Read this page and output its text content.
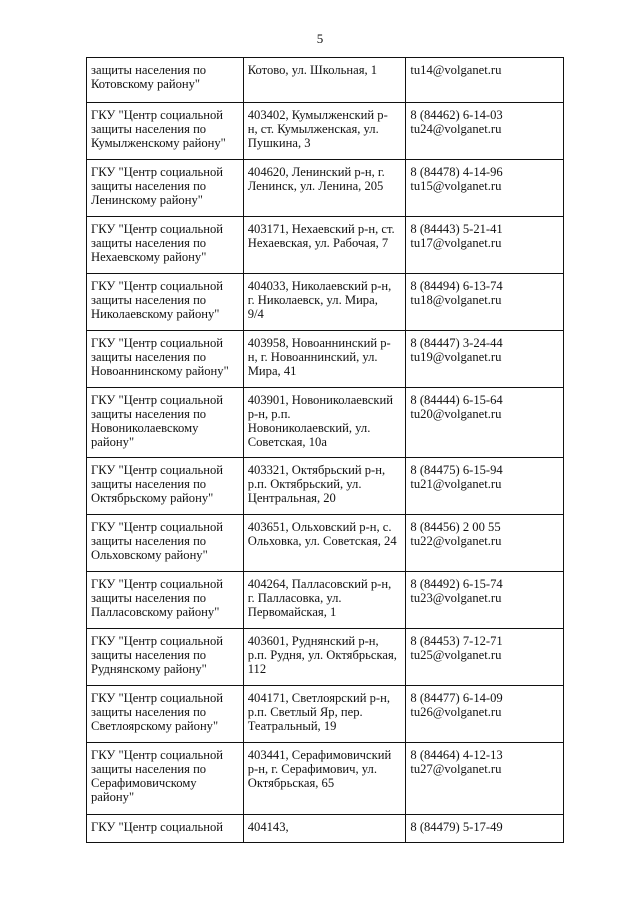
5
защиты населения по
Котовскому району"	Котово, ул. Школьная, 1	tu14@volganet.ru

ГКУ "Центр социальной
защиты населения по
Кумылженскому району"	403402, Кумылженский р-
н, ст. Кумылженская, ул.
Пушкина, 3	8 (84462) 6-14-03
tu24@volganet.ru

ГКУ "Центр социальной
защиты населения по
Ленинскому району"	404620, Ленинский р-н, г.
Ленинск, ул. Ленина, 205	8 (84478) 4-14-96
tu15@volganet.ru

ГКУ "Центр социальной
защиты населения по
Нехаевскому району"	403171, Нехаевский р-н, ст.
Нехаевская, ул. Рабочая, 7	8 (84443) 5-21-41
tu17@volganet.ru

ГКУ "Центр социальной
защиты населения по
Николаевскому району"	404033, Николаевский р-н,
г. Николаевск, ул. Мира,
9/4	8 (84494) 6-13-74
tu18@volganet.ru

ГКУ "Центр социальной
защиты населения по
Новоаннинскому району"	403958, Новоаннинский р-
н, г. Новоаннинский, ул.
Мира, 41	8 (84447) 3-24-44
tu19@volganet.ru

ГКУ "Центр социальной
защиты населения по
Новониколаевскому
району"	403901, Новониколаевский
р-н, р.п.
Новониколаевский, ул.
Советская, 10а	8 (84444) 6-15-64
tu20@volganet.ru

ГКУ "Центр социальной
защиты населения по
Октябрьскому району"	403321, Октябрьский р-н,
р.п. Октябрьский, ул.
Центральная, 20	8 (84475) 6-15-94
tu21@volganet.ru

ГКУ "Центр социальной
защиты населения по
Ольховскому району"	403651, Ольховский р-н, с.
Ольховка, ул. Советская, 24	8 (84456) 2 00 55
tu22@volganet.ru

ГКУ "Центр социальной
защиты населения по
Палласовскому району"	404264, Палласовский р-н,
г. Палласовка, ул.
Первомайская, 1	8 (84492) 6-15-74
tu23@volganet.ru

ГКУ "Центр социальной
защиты населения по
Руднянскому району"	403601, Руднянский р-н,
р.п. Рудня, ул. Октябрьская,
112	8 (84453) 7-12-71
tu25@volganet.ru

ГКУ "Центр социальной
защиты населения по
Светлоярскому району"	404171, Светлоярский р-н,
р.п. Светлый Яр, пер.
Театральный, 19	8 (84477) 6-14-09
tu26@volganet.ru

ГКУ "Центр социальной
защиты населения по
Серафимовичскому
району"	403441, Серафимовичский
р-н, г. Серафимович, ул.
Октябрьская, 65	8 (84464) 4-12-13
tu27@volganet.ru

ГКУ "Центр социальной	404143,	8 (84479) 5-17-49
